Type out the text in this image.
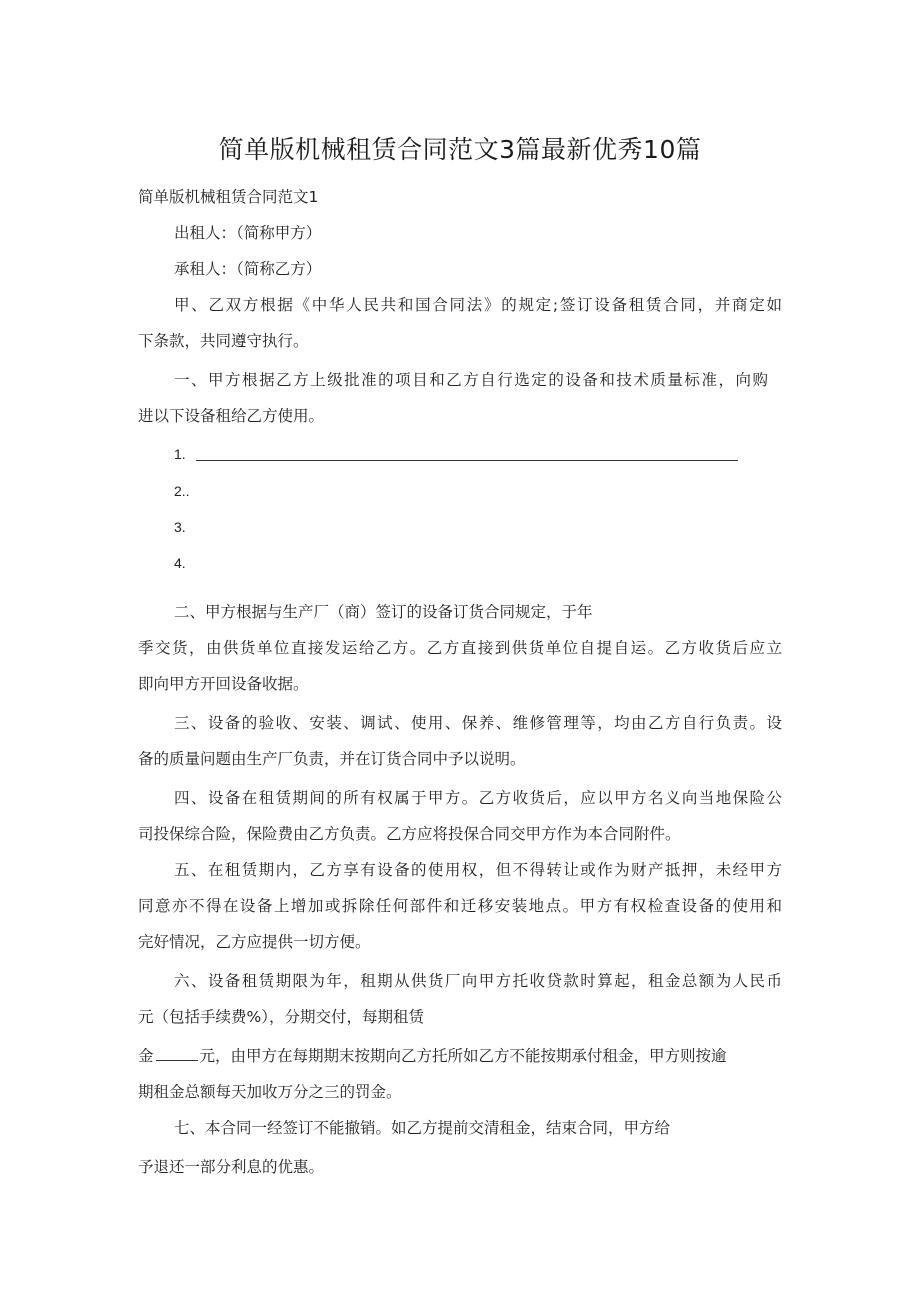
简单版机械租赁合同范文3篇最新优秀10篇
简单版机械租赁合同范文1
出租人：（简称甲方）
承租人：（简称乙方）
甲、乙双方根据《中华人民共和国合同法》的规定;签订设备租赁合同，并商定如
下条款，共同遵守执行。
一、甲方根据乙方上级批准的项目和乙方自行选定的设备和技术质量标准，向购
进以下设备租给乙方使用。
1.
2..
3.
4.
二、甲方根据与生产厂（商）签订的设备订货合同规定，于年
季交货，由供货单位直接发运给乙方。乙方直接到供货单位自提自运。乙方收货后应立
即向甲方开回设备收据。
三、设备的验收、安装、调试、使用、保养、维修管理等，均由乙方自行负责。设
备的质量问题由生产厂负责，并在订货合同中予以说明。
四、设备在租赁期间的所有权属于甲方。乙方收货后，应以甲方名义向当地保险公
司投保综合险，保险费由乙方负责。乙方应将投保合同交甲方作为本合同附件。
五、在租赁期内，乙方享有设备的使用权，但不得转让或作为财产抵押，未经甲方
同意亦不得在设备上增加或拆除任何部件和迁移安装地点。甲方有权检查设备的使用和
完好情况，乙方应提供一切方便。
六、设备租赁期限为年，租期从供货厂向甲方托收贷款时算起，租金总额为人民币
元（包括手续费%），分期交付，每期租赁
金	元，由甲方在每期期末按期向乙方托所如乙方不能按期承付租金，甲方则按逾
期租金总额每天加收万分之三的罚金。
七、本合同一经签订不能撤销。如乙方提前交清租金，结束合同，甲方给
予退还一部分利息的优惠。
